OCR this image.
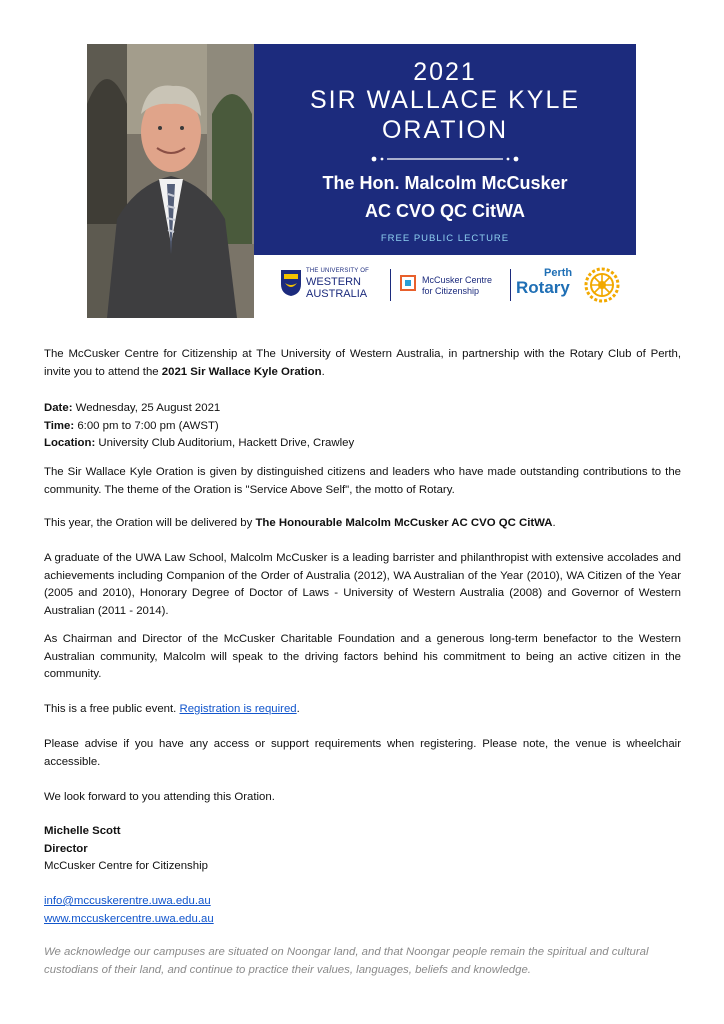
2021
SIR WALLACE KYLE
ORATION
The Hon. Malcolm McCusker
AC CVO QC CitWA
FREE PUBLIC LECTURE
THE UNIVERSITY OF
WESTERN
AUSTRALIA
McCusker Centre
for Citizenship
Perth
Rotary

The McCusker Centre for Citizenship at The University of Western Australia, in partnership with the Rotary Club of Perth, invite you to attend the 2021 Sir Wallace Kyle Oration.

Date: Wednesday, 25 August 2021
Time: 6:00 pm to 7:00 pm (AWST)
Location: University Club Auditorium, Hackett Drive, Crawley

The Sir Wallace Kyle Oration is given by distinguished citizens and leaders who have made outstanding contributions to the community. The theme of the Oration is "Service Above Self", the motto of Rotary.

This year, the Oration will be delivered by The Honourable Malcolm McCusker AC CVO QC CitWA.

A graduate of the UWA Law School, Malcolm McCusker is a leading barrister and philanthropist with extensive accolades and achievements including Companion of the Order of Australia (2012), WA Australian of the Year (2010), WA Citizen of the Year (2005 and 2010), Honorary Degree of Doctor of Laws - University of Western Australia (2008) and Governor of Western Australian (2011 - 2014).

As Chairman and Director of the McCusker Charitable Foundation and a generous long-term benefactor to the Western Australian community, Malcolm will speak to the driving factors behind his commitment to being an active citizen in the community.

This is a free public event. Registration is required.

Please advise if you have any access or support requirements when registering. Please note, the venue is wheelchair accessible.

We look forward to you attending this Oration.

Michelle Scott
Director
McCusker Centre for Citizenship

info@mccuskerentre.uwa.edu.au
www.mccuskercentre.uwa.edu.au

We acknowledge our campuses are situated on Noongar land, and that Noongar people remain the spiritual and cultural custodians of their land, and continue to practice their values, languages, beliefs and knowledge.
